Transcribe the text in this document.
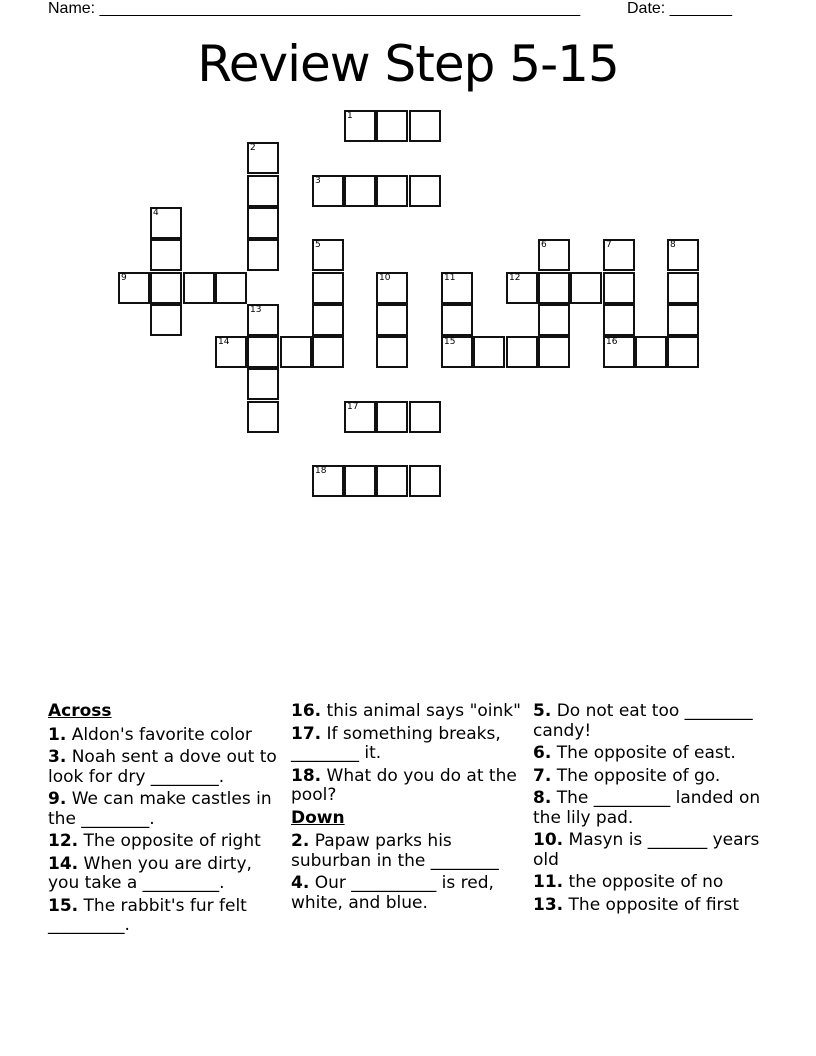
Name: ______________________________________________________	Date: _______
Review Step 5-15
1
2
3
4
5	6	7
16
8
9	10	11
15
12
13
14
17
18
Across
1. Aldon's favorite color
3. Noah sent a dove out to look for dry ________.
9. We can make castles in the ________.
12. The opposite of right
14. When you are dirty, you take a _________.
15. The rabbit's fur felt _________.
16. this animal says "oink"
17. If something breaks, ________ it.
18. What do you do at the pool?
Down
2. Papaw parks his suburban in the ________
4. Our __________ is red, white, and blue.
5. Do not eat too ________ candy!
6. The opposite of east.
7. The opposite of go.
8. The _________ landed on the lily pad.
10. Masyn is _______ years old
11. the opposite of no
13. The opposite of first
